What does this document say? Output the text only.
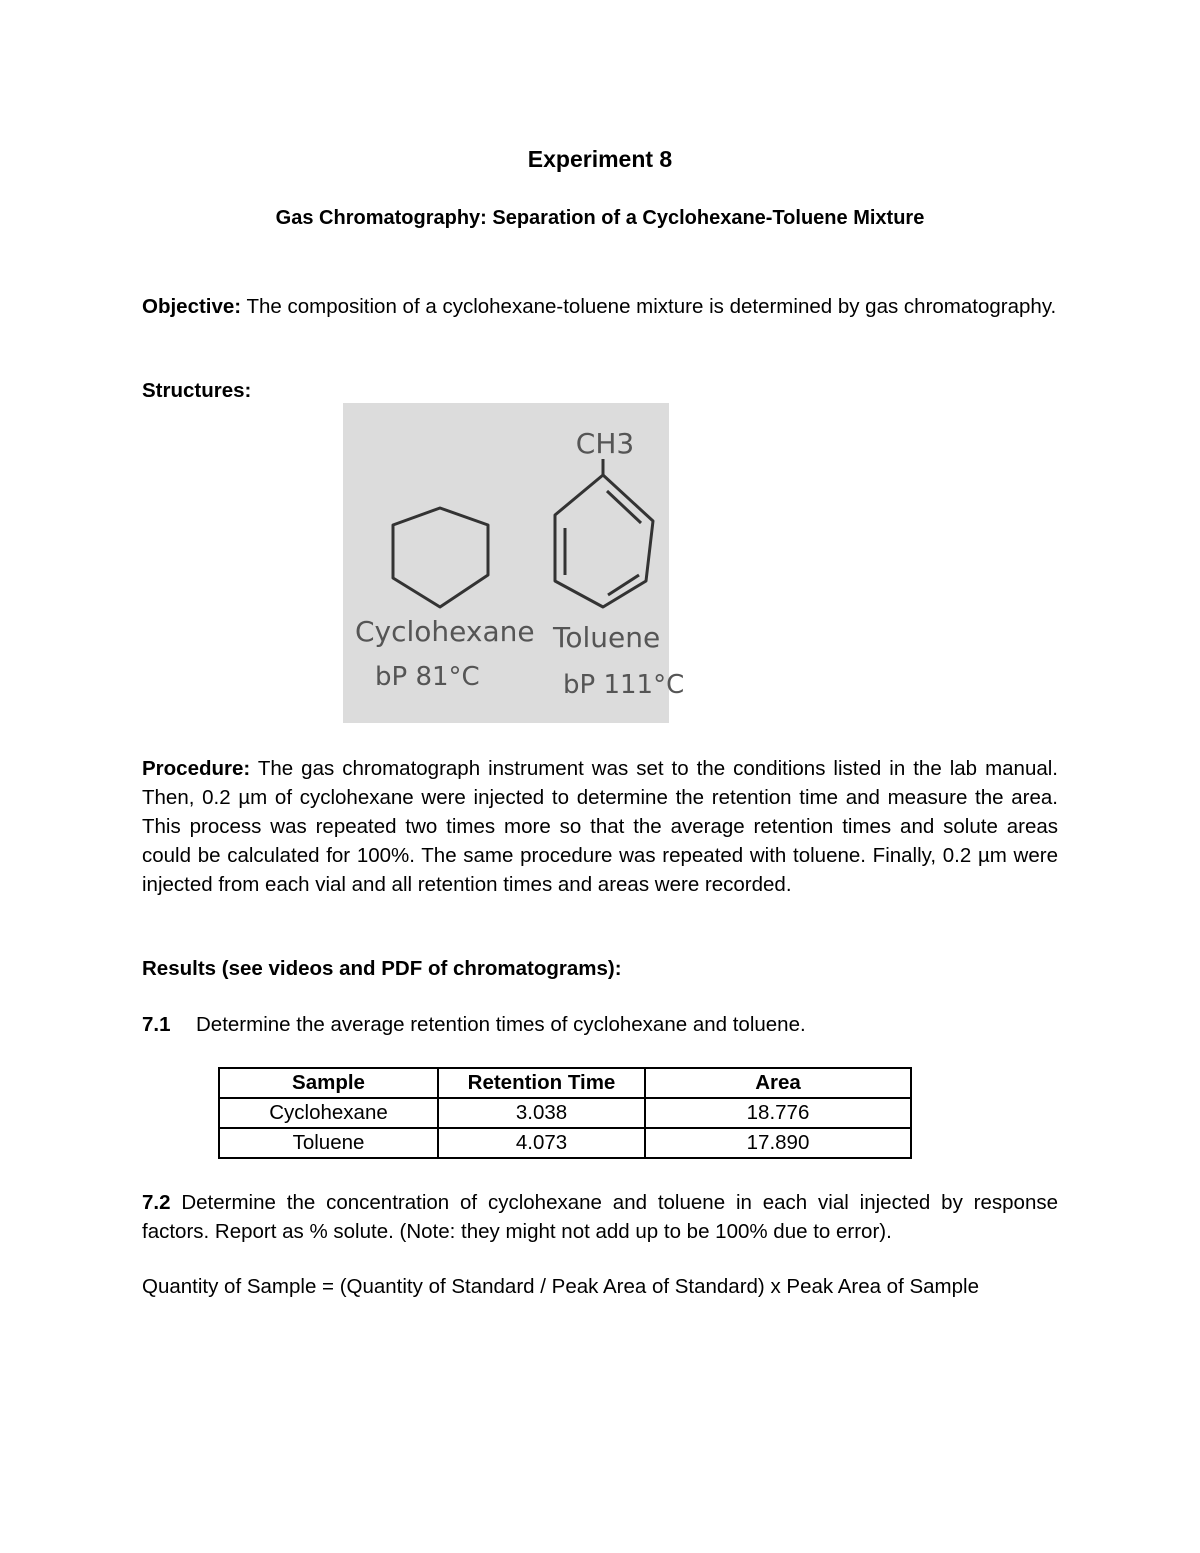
Experiment 8
Gas Chromatography: Separation of a Cyclohexane-Toluene Mixture
Objective: The composition of a cyclohexane-toluene mixture is determined by gas chromatography.
Structures:
CH3
Cyclohexane
bP 81°C
Toluene
bP 111°C
Procedure: The gas chromatograph instrument was set to the conditions listed in the lab manual. Then, 0.2 µm of cyclohexane were injected to determine the retention time and measure the area. This process was repeated two times more so that the average retention times and solute areas could be calculated for 100%. The same procedure was repeated with toluene. Finally, 0.2 µm were injected from each vial and all retention times and areas were recorded.
Results (see videos and PDF of chromatograms):
7.1 Determine the average retention times of cyclohexane and toluene.
Sample	Retention Time	Area
Cyclohexane	3.038	18.776
Toluene	4.073	17.890
7.2 Determine the concentration of cyclohexane and toluene in each vial injected by response factors. Report as % solute. (Note: they might not add up to be 100% due to error).
Quantity of Sample = (Quantity of Standard / Peak Area of Standard) x Peak Area of Sample
